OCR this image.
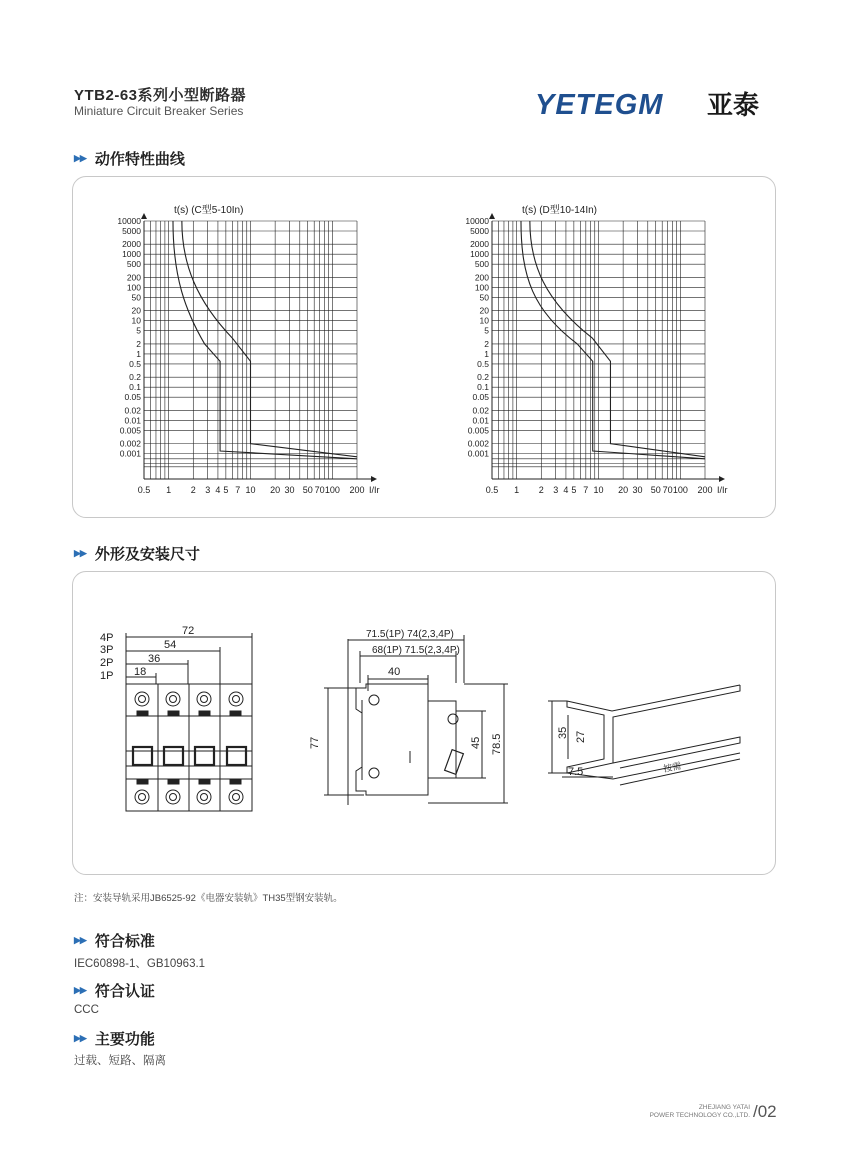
YTB2-63系列小型断路器
Miniature Circuit Breaker Series	YETEGM 亚泰
▶▶ 动作特性曲线
t(s) (C型5-10In)
10000
5000
2000
1000
500
200
100
50
20
10
5
2
1
0.5
0.2
0.1
0.05
0.02
0.01
0.005
0.002
0.001
0.5 1 2 3 4 5 7 10 20 30 50 70 100 200 I/Ir
t(s) (D型10-14In)
10000
5000
2000
1000
500
200
100
50
20
10
5
2
1
0.5
0.2
0.1
0.05
0.02
0.01
0.005
0.002
0.001
0.5 1 2 3 4 5 7 10 20 30 50 70 100 200 I/Ir
▶▶ 外形及安装尺寸
4P
3P
2P
1P
72
54
36
18
71.5(1P) 74(2,3,4P)
68(1P) 71.5(2,3,4P)
40
77	45 78.5
35 27
7.5	按需
注：安装导轨采用JB6525-92《电器安装轨》TH35型钢安装轨。
▶▶ 符合标准
IEC60898-1、GB10963.1
▶▶ 符合认证
CCC
▶▶ 主要功能
过载、短路、隔离
ZHEJIANG YATAI
POWER TECHNOLOGY CO.,LTD. /02
